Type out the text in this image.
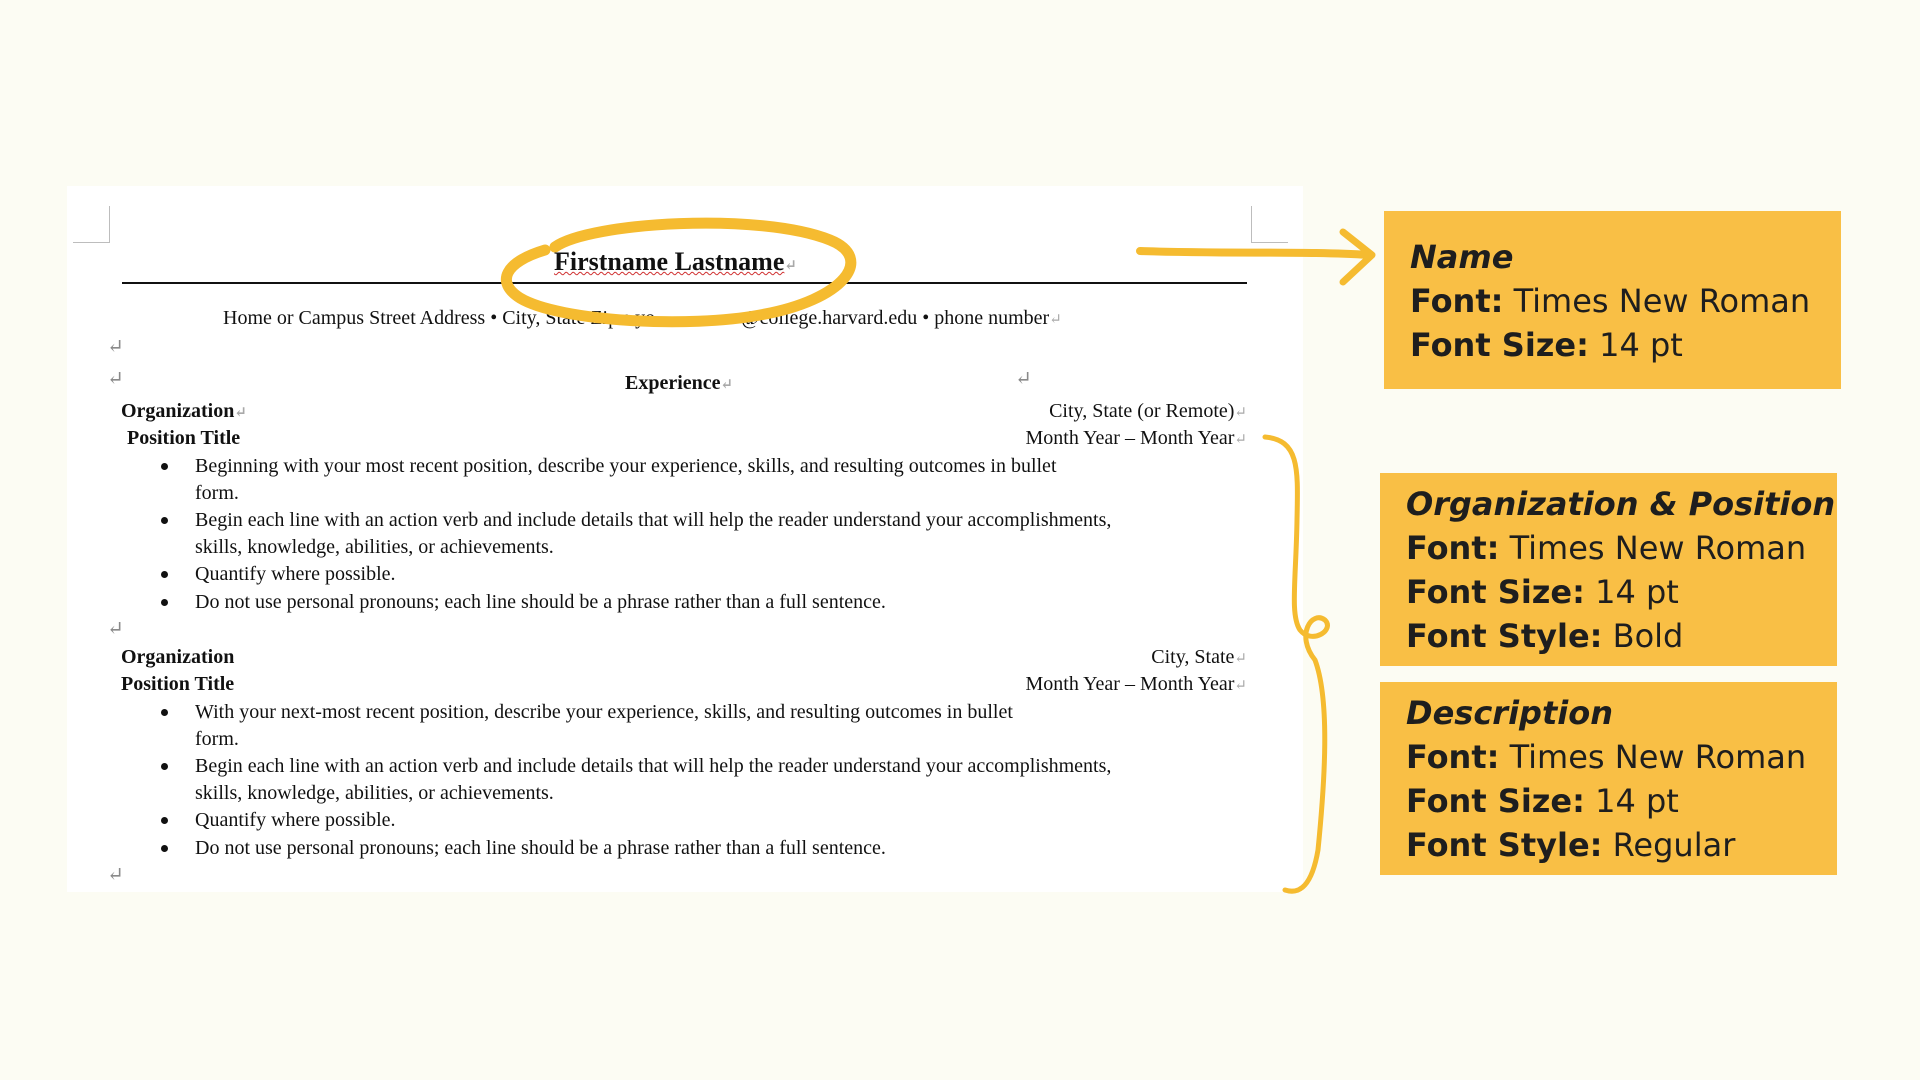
Firstname Lastname↵
Home or Campus Street Address • City, State Zip • yo	@college.harvard.edu • phone number↵
↵
↵	↵
Experience↵
Organization↵	City, State (or Remote)↵
Position Title	Month Year – Month Year↵
Beginning with your most recent position, describe your experience, skills, and resulting outcomes in bullet
form.
Begin each line with an action verb and include details that will help the reader understand your accomplishments,
skills, knowledge, abilities, or achievements.
Quantify where possible.
Do not use personal pronouns; each line should be a phrase rather than a full sentence.
↵
Organization	City, State↵
Position Title	Month Year – Month Year↵
With your next-most recent position, describe your experience, skills, and resulting outcomes in bullet
form.
Begin each line with an action verb and include details that will help the reader understand your accomplishments,
skills, knowledge, abilities, or achievements.
Quantify where possible.
Do not use personal pronouns; each line should be a phrase rather than a full sentence.
↵
Name
Font: Times New Roman
Font Size: 14 pt
Organization & Position
Font: Times New Roman
Font Size: 14 pt
Font Style: Bold
Description
Font: Times New Roman
Font Size: 14 pt
Font Style: Regular
